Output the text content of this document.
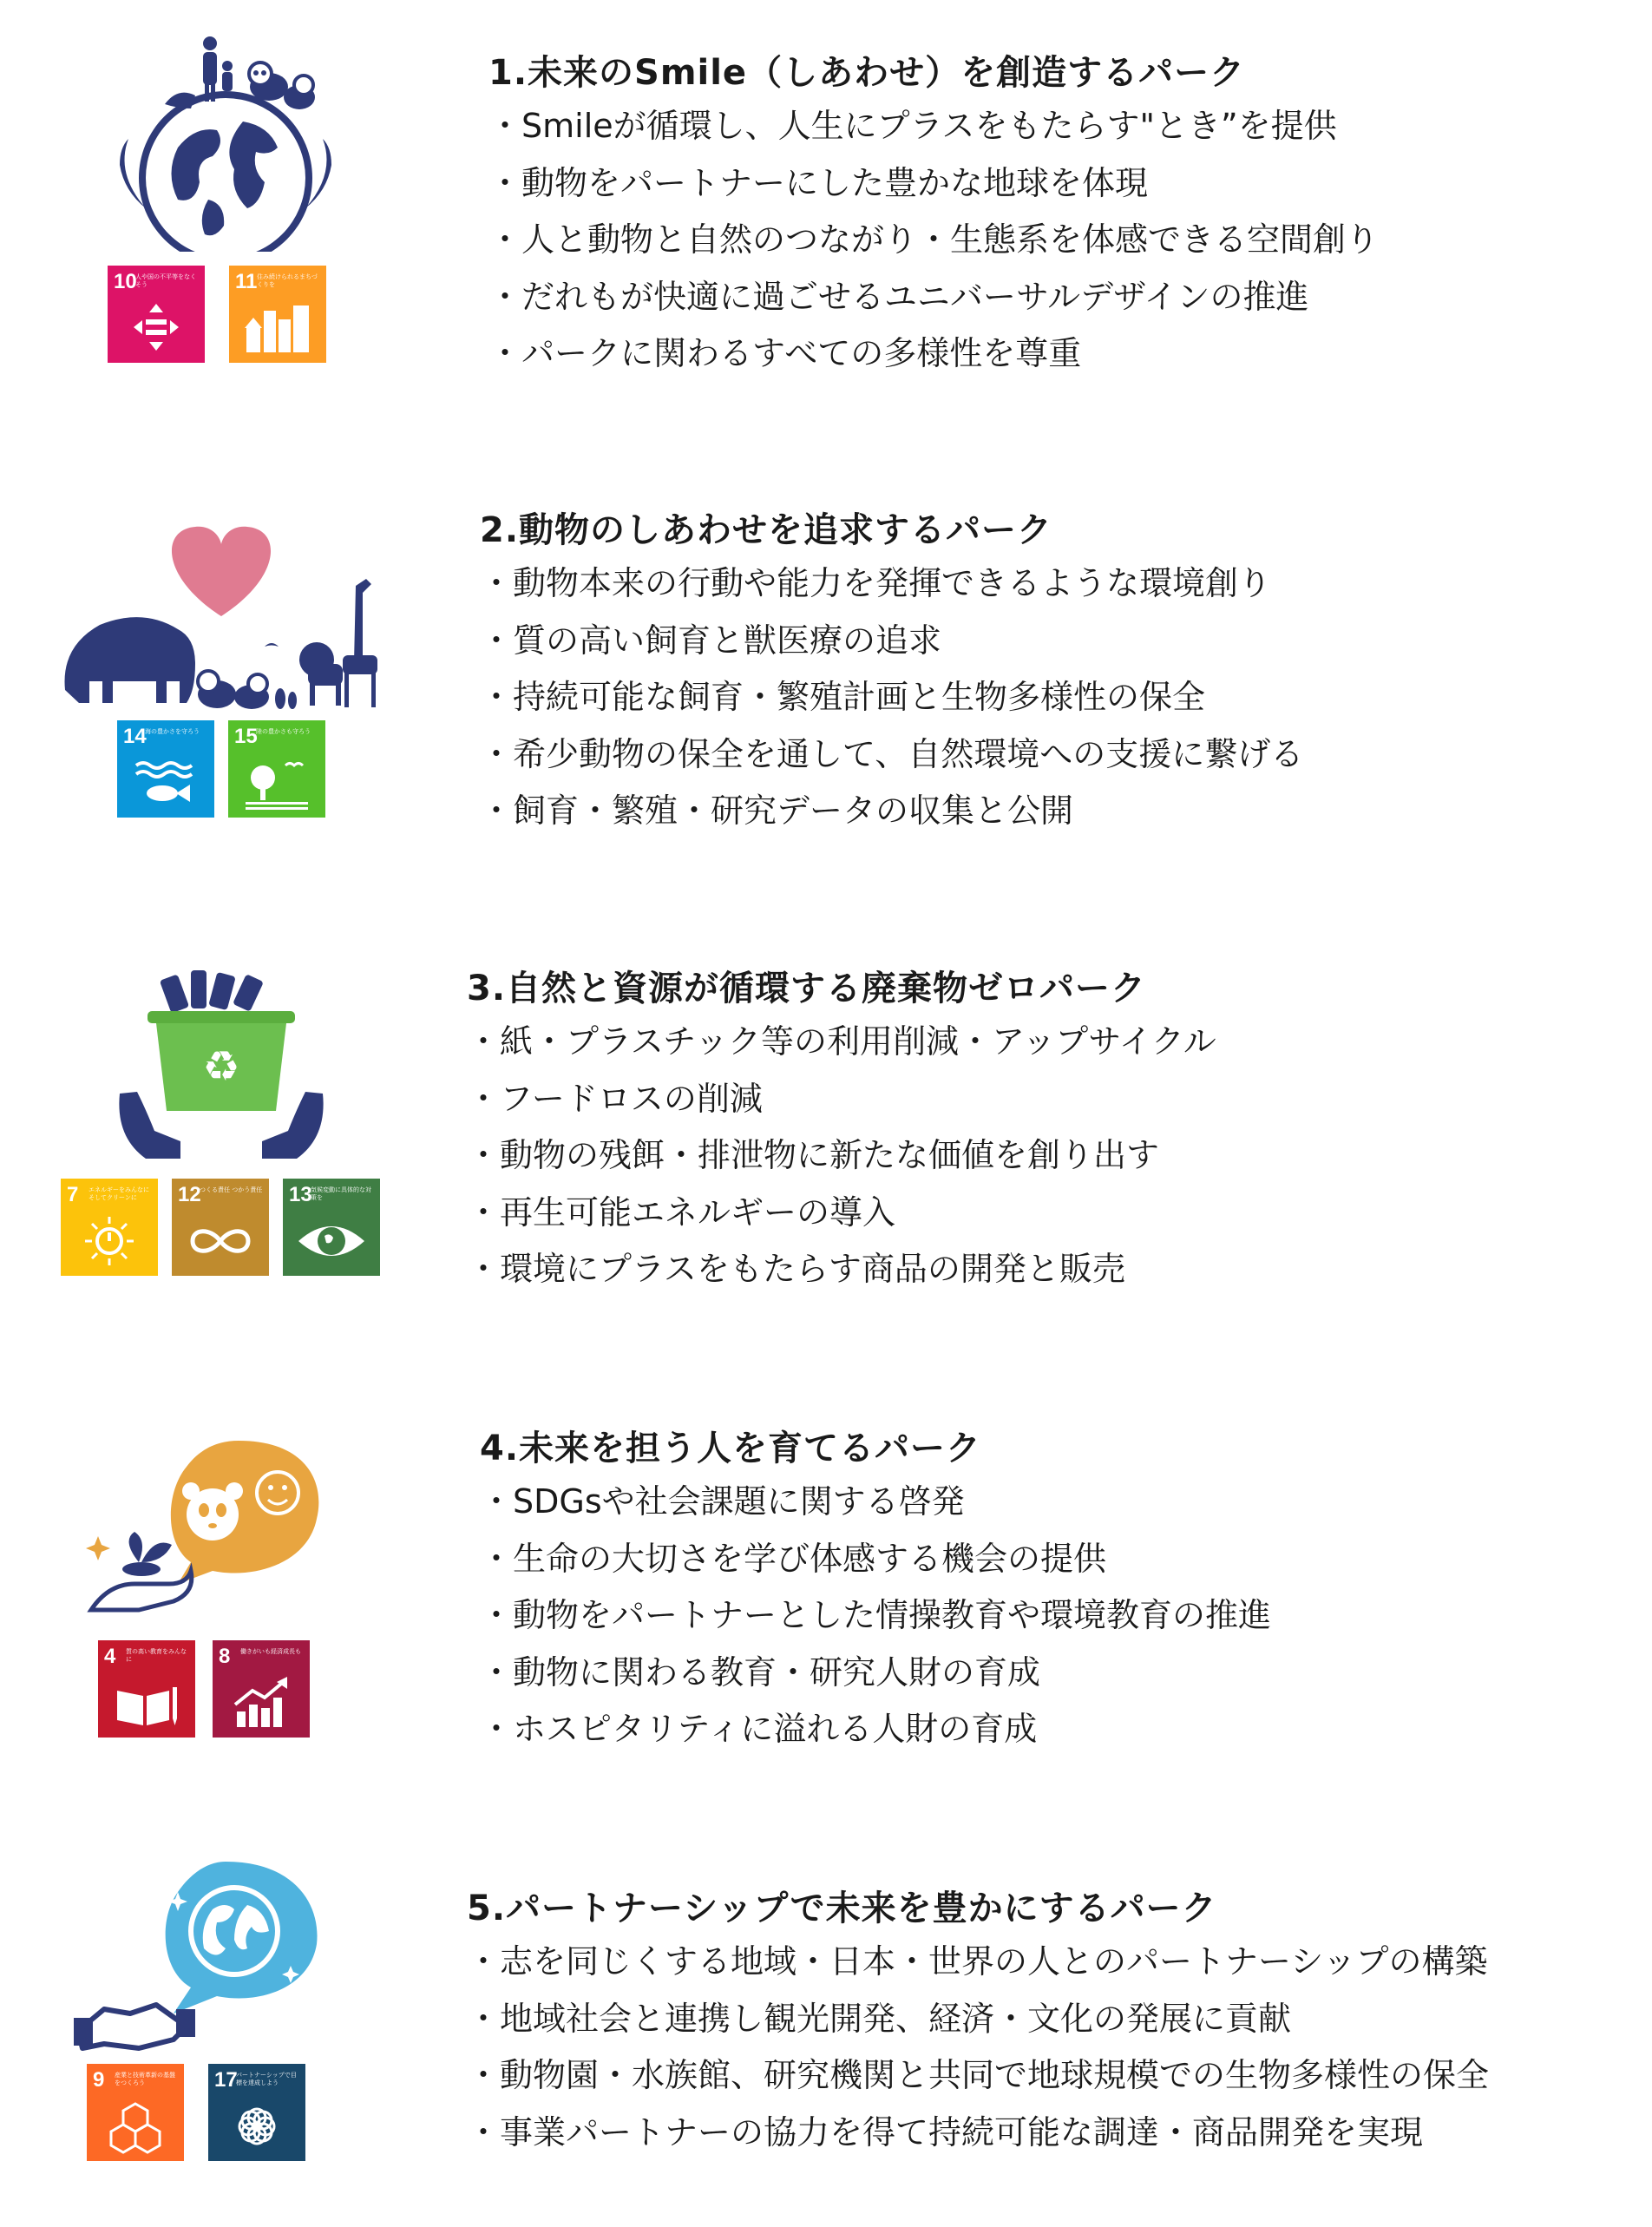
10
人や国の不平等をなくそう	11 住み続けられるまちづくりを
1.未来のSmile（しあわせ）を創造するパーク
・Smileが循環し、人生にプラスをもたらす"とき”を提供
・動物をパートナーにした豊かな地球を体現
・人と動物と自然のつながり・生態系を体感できる空間創り
・だれもが快適に過ごせるユニバーサルデザインの推進
・パークに関わるすべての多様性を尊重
14
海の豊かさを守ろう	15
陸の豊かさも守ろう
2.動物のしあわせを追求するパーク
・動物本来の行動や能力を発揮できるような環境創り
・質の高い飼育と獣医療の追求
・持続可能な飼育・繁殖計画と生物多様性の保全
・希少動物の保全を通して、自然環境への支援に繋げる
・飼育・繁殖・研究データの収集と公開
♻
7 エネルギーをみんなに そしてクリーンに	12
つくる責任 つかう責任 13
気候変動に具体的な対策を
3.自然と資源が循環する廃棄物ゼロパーク
・紙・プラスチック等の利用削減・アップサイクル
・フードロスの削減
・動物の残餌・排泄物に新たな価値を創り出す
・再生可能エネルギーの導入
・環境にプラスをもたらす商品の開発と販売
4 質の高い教育をみんなに	8 働きがいも経済成長も
4.未来を担う人を育てるパーク
・SDGsや社会課題に関する啓発
・生命の大切さを学び体感する機会の提供
・動物をパートナーとした情操教育や環境教育の推進
・動物に関わる教育・研究人財の育成
・ホスピタリティに溢れる人財の育成
9 産業と技術革新の基盤をつくろう	17
パートナーシップで目標を達成しよう
5.パートナーシップで未来を豊かにするパーク
・志を同じくする地域・日本・世界の人とのパートナーシップの構築
・地域社会と連携し観光開発、経済・文化の発展に貢献
・動物園・水族館、研究機関と共同で地球規模での生物多様性の保全
・事業パートナーの協力を得て持続可能な調達・商品開発を実現
